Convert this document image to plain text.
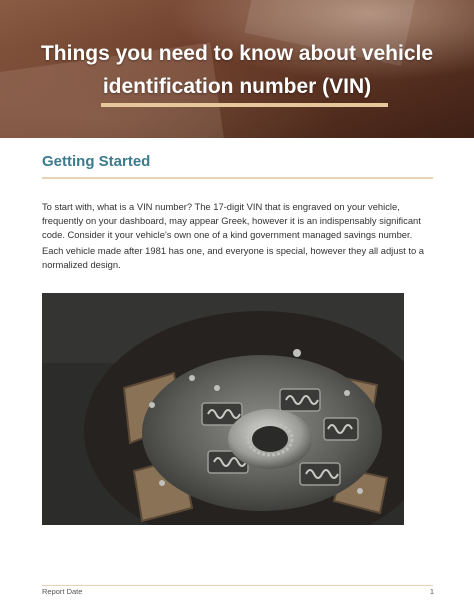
Things you need to know about vehicle identification number (VIN)
Getting Started

To start with, what is a VIN number? The 17-digit VIN that is engraved on your vehicle, frequently on your dashboard, may appear Greek, however it is an indispensably significant code. Consider it your vehicle's own one of a kind government managed savings number.

Each vehicle made after 1981 has one, and everyone is special, however they all adjust to a normalized design.

Report Date	1
